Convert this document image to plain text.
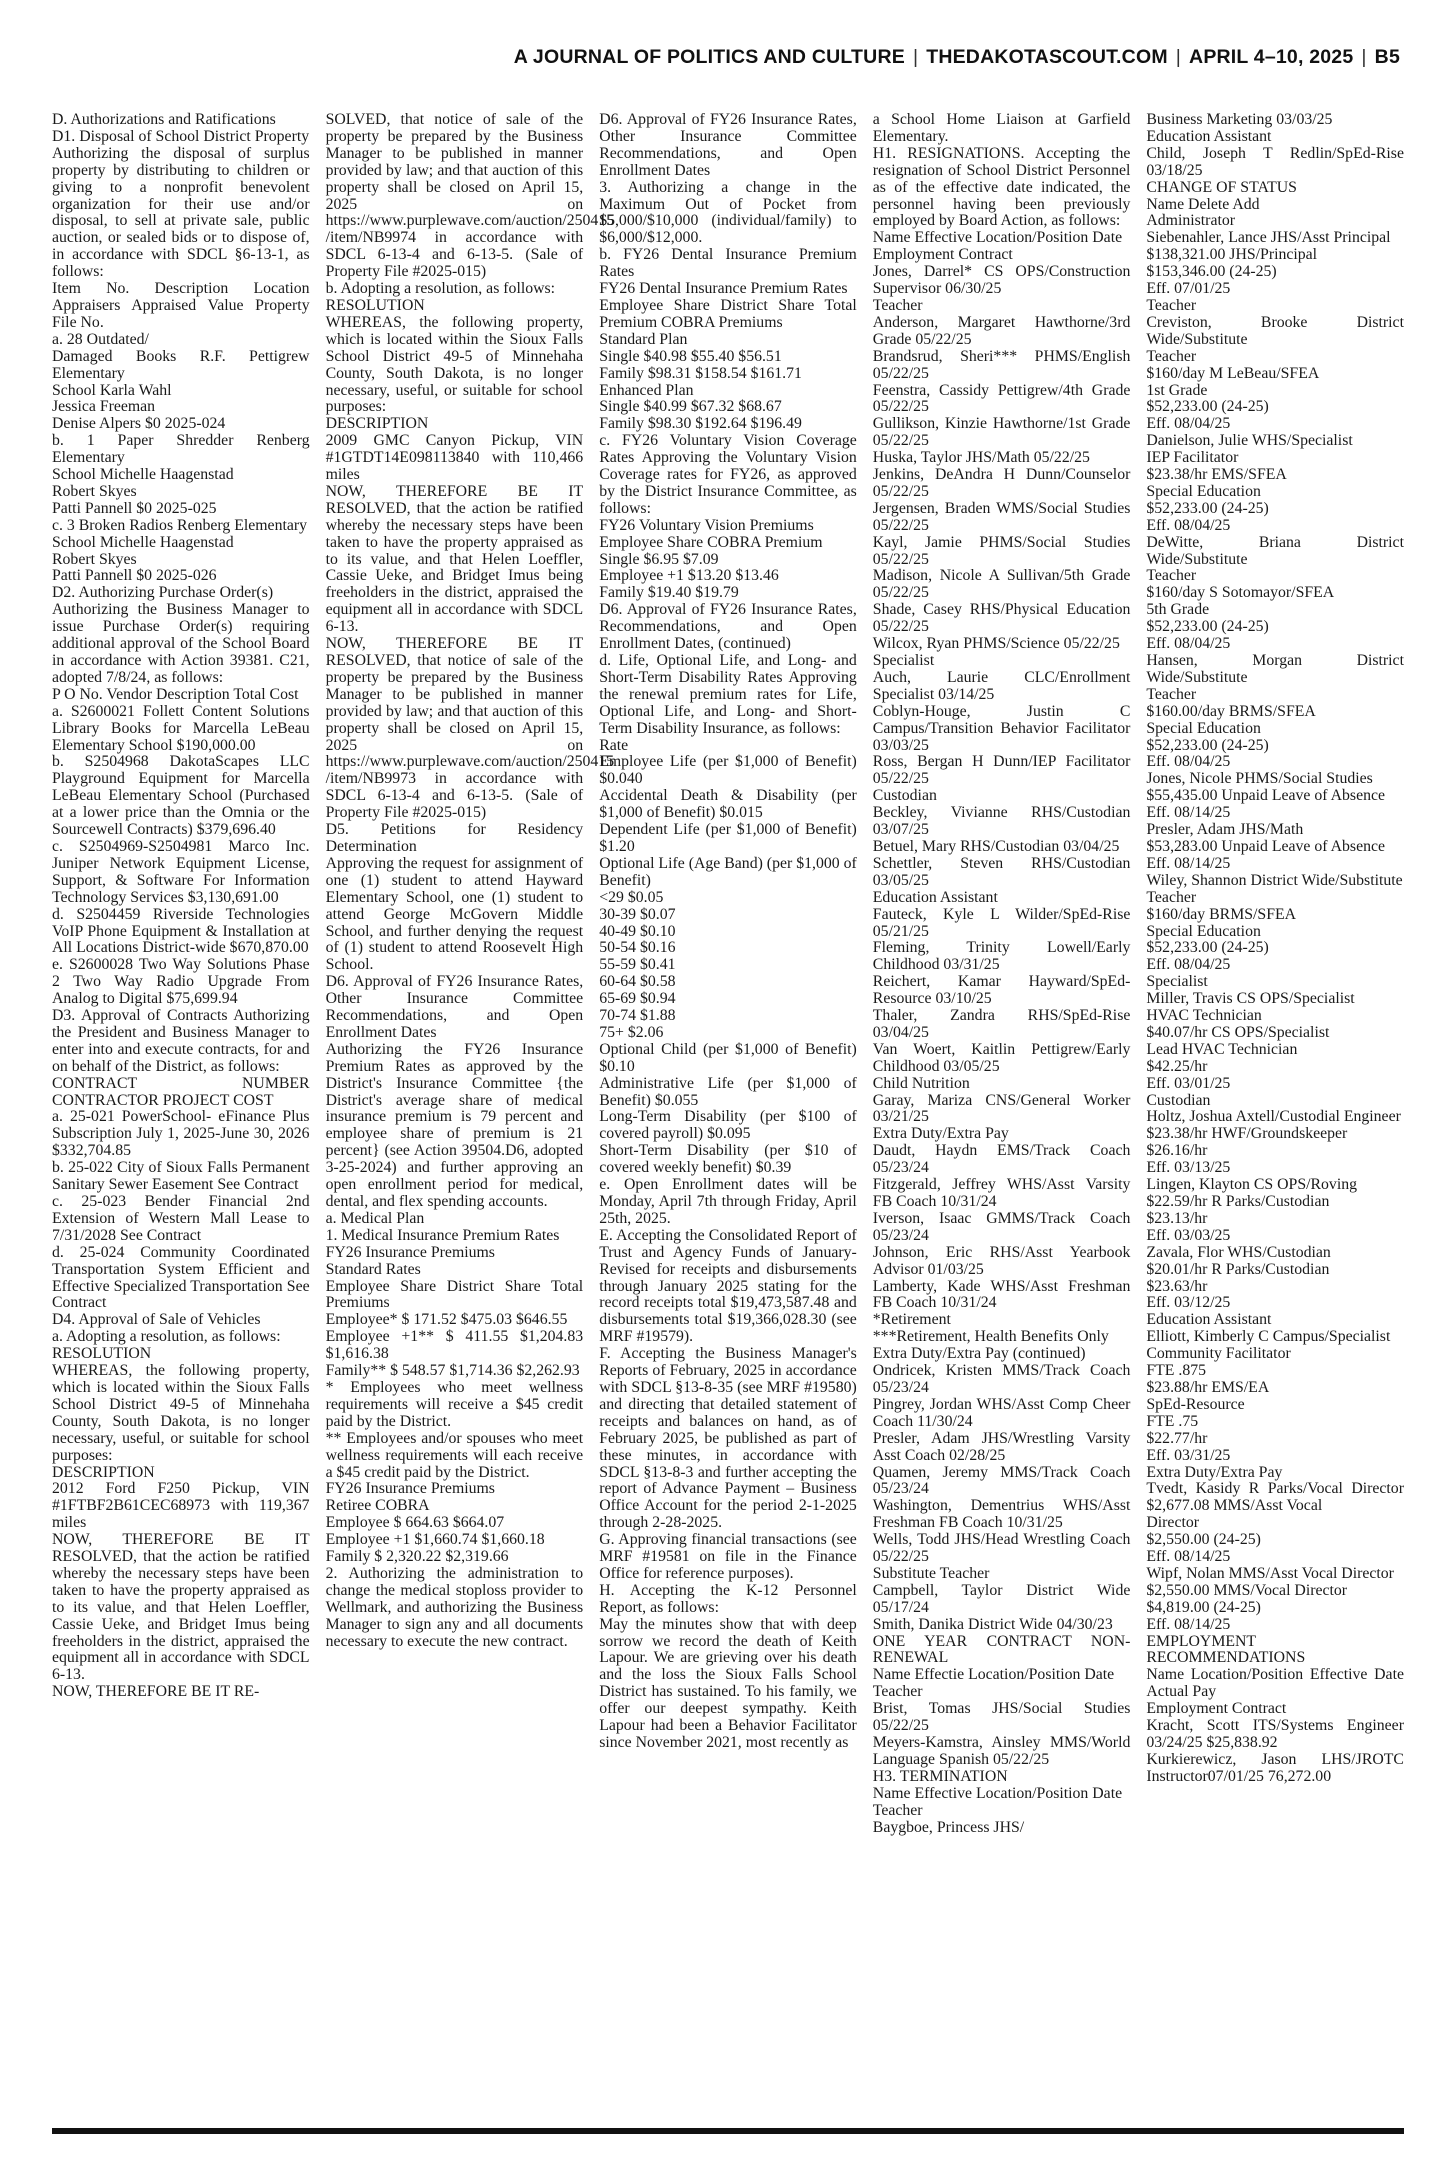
A JOURNAL OF POLITICS AND CULTURE | THEDAKOTASCOUT.COM | APRIL 4–10, 2025 | B5

D. Authorizations and Ratifications

D1. Disposal of School District Property

Authorizing the disposal of surplus property by distributing to children or giving to a nonprofit benevolent organization for their use and/or disposal, to sell at private sale, public auction, or sealed bids or to dispose of, in accordance with SDCL §6-13-1, as follows:

Item No. Description Location Appraisers Appraised Value Property File No.

a. 28 Outdated/

Damaged Books R.F. Pettigrew Elementary

School Karla Wahl

Jessica Freeman

Denise Alpers $0 2025-024

b. 1 Paper Shredder Renberg Elementary

School Michelle Haagenstad

Robert Skyes

Patti Pannell $0 2025-025

c. 3 Broken Radios Renberg Elementary

School Michelle Haagenstad

Robert Skyes

Patti Pannell $0 2025-026

D2. Authorizing Purchase Order(s)

Authorizing the Business Manager to issue Purchase Order(s) requiring additional approval of the School Board in accordance with Action 39381. C21, adopted 7/8/24, as follows:

P O No. Vendor Description Total Cost

a. S2600021 Follett Content Solutions Library Books for Marcella LeBeau Elementary School $190,000.00

b. S2504968 DakotaScapes LLC Playground Equipment for Marcella LeBeau Elementary School (Purchased at a lower price than the Omnia or the Sourcewell Contracts) $379,696.40

c. S2504969-S2504981 Marco Inc. Juniper Network Equipment License, Support, & Software For Information Technology Services $3,130,691.00

d. S2504459 Riverside Technologies VoIP Phone Equipment & Installation at All Locations District-wide $670,870.00

e. S2600028 Two Way Solutions Phase 2 Two Way Radio Upgrade From Analog to Digital $75,699.94

D3. Approval of Contracts Authorizing the President and Business Manager to enter into and execute contracts, for and on behalf of the District, as follows:

CONTRACT NUMBER CONTRACTOR PROJECT COST

a. 25-021 PowerSchool- eFinance Plus Subscription July 1, 2025-June 30, 2026 $332,704.85

b. 25-022 City of Sioux Falls Permanent Sanitary Sewer Easement See Contract

c. 25-023 Bender Financial 2nd Extension of Western Mall Lease to 7/31/2028 See Contract

d. 25-024 Community Coordinated Transportation System Efficient and Effective Specialized Transportation See Contract

D4. Approval of Sale of Vehicles

a. Adopting a resolution, as follows:

RESOLUTION

WHEREAS, the following property, which is located within the Sioux Falls School District 49-5 of Minnehaha County, South Dakota, is no longer necessary, useful, or suitable for school purposes:

DESCRIPTION

2012 Ford F250 Pickup, VIN #1FTBF2B61CEC68973 with 119,367 miles

NOW, THEREFORE BE IT RESOLVED, that the action be ratified whereby the necessary steps have been taken to have the property appraised as to its value, and that Helen Loeffler, Cassie Ueke, and Bridget Imus being freeholders in the district, appraised the equipment all in accordance with SDCL 6-13.

NOW, THEREFORE BE IT RE-

SOLVED, that notice of sale of the property be prepared by the Business Manager to be published in manner provided by law; and that auction of this property shall be closed on April 15, 2025 on https://www.purplewave.com/auction/250415 /item/NB9974 in accordance with SDCL 6-13-4 and 6-13-5. (Sale of Property File #2025-015)

b. Adopting a resolution, as follows:

RESOLUTION

WHEREAS, the following property, which is located within the Sioux Falls School District 49-5 of Minnehaha County, South Dakota, is no longer necessary, useful, or suitable for school purposes:

DESCRIPTION

2009 GMC Canyon Pickup, VIN #1GTDT14E098113840 with 110,466 miles

NOW, THEREFORE BE IT RESOLVED, that the action be ratified whereby the necessary steps have been taken to have the property appraised as to its value, and that Helen Loeffler, Cassie Ueke, and Bridget Imus being freeholders in the district, appraised the equipment all in accordance with SDCL 6-13.

NOW, THEREFORE BE IT RESOLVED, that notice of sale of the property be prepared by the Business Manager to be published in manner provided by law; and that auction of this property shall be closed on April 15, 2025 on https://www.purplewave.com/auction/250415 /item/NB9973 in accordance with SDCL 6-13-4 and 6-13-5. (Sale of Property File #2025-015)

D5. Petitions for Residency Determination

Approving the request for assignment of one (1) student to attend Hayward Elementary School, one (1) student to attend George McGovern Middle School, and further denying the request of (1) student to attend Roosevelt High School.

D6. Approval of FY26 Insurance Rates, Other Insurance Committee Recommendations, and Open Enrollment Dates

Authorizing the FY26 Insurance Premium Rates as approved by the District's Insurance Committee {the District's average share of medical insurance premium is 79 percent and employee share of premium is 21 percent} (see Action 39504.D6, adopted 3-25-2024) and further approving an open enrollment period for medical, dental, and flex spending accounts.

a. Medical Plan

1. Medical Insurance Premium Rates

FY26 Insurance Premiums

Standard Rates

Employee Share District Share Total Premiums

Employee* $ 171.52 $475.03 $646.55

Employee +1** $ 411.55 $1,204.83 $1,616.38

Family** $ 548.57 $1,714.36 $2,262.93

* Employees who meet wellness requirements will receive a $45 credit paid by the District.

** Employees and/or spouses who meet wellness requirements will each receive a $45 credit paid by the District.

FY26 Insurance Premiums

Retiree COBRA

Employee $ 664.63 $664.07

Employee +1 $1,660.74 $1,660.18

Family $ 2,320.22 $2,319.66

2. Authorizing the administration to change the medical stoploss provider to Wellmark, and authorizing the Business Manager to sign any and all documents necessary to execute the new contract.

D6. Approval of FY26 Insurance Rates, Other Insurance Committee Recommendations, and Open Enrollment Dates

3. Authorizing a change in the Maximum Out of Pocket from $5,000/$10,000 (individual/family) to $6,000/$12,000.

b. FY26 Dental Insurance Premium Rates

FY26 Dental Insurance Premium Rates

Employee Share District Share Total Premium COBRA Premiums

Standard Plan

Single $40.98 $55.40 $56.51

Family $98.31 $158.54 $161.71

Enhanced Plan

Single $40.99 $67.32 $68.67

Family $98.30 $192.64 $196.49

c. FY26 Voluntary Vision Coverage Rates Approving the Voluntary Vision Coverage rates for FY26, as approved by the District Insurance Committee, as follows:

FY26 Voluntary Vision Premiums

Employee Share COBRA Premium

Single $6.95 $7.09

Employee +1 $13.20 $13.46

Family $19.40 $19.79

D6. Approval of FY26 Insurance Rates, Recommendations, and Open Enrollment Dates, (continued)

d. Life, Optional Life, and Long- and Short-Term Disability Rates Approving the renewal premium rates for Life, Optional Life, and Long- and Short-Term Disability Insurance, as follows:

Rate

Employee Life (per $1,000 of Benefit) $0.040

Accidental Death & Disability (per $1,000 of Benefit) $0.015

Dependent Life (per $1,000 of Benefit) $1.20

Optional Life (Age Band) (per $1,000 of Benefit)

<29 $0.05

30-39 $0.07

40-49 $0.10

50-54 $0.16

55-59 $0.41

60-64 $0.58

65-69 $0.94

70-74 $1.88

75+ $2.06

Optional Child (per $1,000 of Benefit) $0.10

Administrative Life (per $1,000 of Benefit) $0.055

Long-Term Disability (per $100 of covered payroll) $0.095

Short-Term Disability (per $10 of covered weekly benefit) $0.39

e. Open Enrollment dates will be Monday, April 7th through Friday, April 25th, 2025.

E. Accepting the Consolidated Report of Trust and Agency Funds of January-Revised for receipts and disbursements through January 2025 stating for the record receipts total $19,473,587.48 and disbursements total $19,366,028.30 (see MRF #19579).

F. Accepting the Business Manager's Reports of February, 2025 in accordance with SDCL §13-8-35 (see MRF #19580) and directing that detailed statement of receipts and balances on hand, as of February 2025, be published as part of these minutes, in accordance with SDCL §13-8-3 and further accepting the report of Advance Payment – Business Office Account for the period 2-1-2025 through 2-28-2025.

G. Approving financial transactions (see MRF #19581 on file in the Finance Office for reference purposes).

H. Accepting the K-12 Personnel Report, as follows:

May the minutes show that with deep sorrow we record the death of Keith Lapour. We are grieving over his death and the loss the Sioux Falls School District has sustained. To his family, we offer our deepest sympathy. Keith Lapour had been a Behavior Facilitator since November 2021, most recently as

a School Home Liaison at Garfield Elementary.

H1. RESIGNATIONS. Accepting the resignation of School District Personnel as of the effective date indicated, the personnel having been previously employed by Board Action, as follows:

Name Effective Location/Position Date

Employment Contract

Jones, Darrel* CS OPS/Construction Supervisor 06/30/25

Teacher

Anderson, Margaret Hawthorne/3rd Grade 05/22/25

Brandsrud, Sheri*** PHMS/English 05/22/25

Feenstra, Cassidy Pettigrew/4th Grade 05/22/25

Gullikson, Kinzie Hawthorne/1st Grade 05/22/25

Huska, Taylor JHS/Math 05/22/25

Jenkins, DeAndra H Dunn/Counselor 05/22/25

Jergensen, Braden WMS/Social Studies 05/22/25

Kayl, Jamie PHMS/Social Studies 05/22/25

Madison, Nicole A Sullivan/5th Grade 05/22/25

Shade, Casey RHS/Physical Education 05/22/25

Wilcox, Ryan PHMS/Science 05/22/25

Specialist

Auch, Laurie CLC/Enrollment Specialist 03/14/25

Coblyn-Houge, Justin C Campus/Transition Behavior Facilitator 03/03/25

Ross, Bergan H Dunn/IEP Facilitator 05/22/25

Custodian

Beckley, Vivianne RHS/Custodian 03/07/25

Betuel, Mary RHS/Custodian 03/04/25

Schettler, Steven RHS/Custodian 03/05/25

Education Assistant

Fauteck, Kyle L Wilder/SpEd-Rise 05/21/25

Fleming, Trinity Lowell/Early Childhood 03/31/25

Reichert, Kamar Hayward/SpEd-Resource 03/10/25

Thaler, Zandra RHS/SpEd-Rise 03/04/25

Van Woert, Kaitlin Pettigrew/Early Childhood 03/05/25

Child Nutrition

Garay, Mariza CNS/General Worker 03/21/25

Extra Duty/Extra Pay

Daudt, Haydn EMS/Track Coach 05/23/24

Fitzgerald, Jeffrey WHS/Asst Varsity FB Coach 10/31/24

Iverson, Isaac GMMS/Track Coach 05/23/24

Johnson, Eric RHS/Asst Yearbook Advisor 01/03/25

Lamberty, Kade WHS/Asst Freshman FB Coach 10/31/24

*Retirement

***Retirement, Health Benefits Only

Extra Duty/Extra Pay (continued)

Ondricek, Kristen MMS/Track Coach 05/23/24

Pingrey, Jordan WHS/Asst Comp Cheer Coach 11/30/24

Presler, Adam JHS/Wrestling Varsity Asst Coach 02/28/25

Quamen, Jeremy MMS/Track Coach 05/23/24

Washington, Dementrius WHS/Asst Freshman FB Coach 10/31/25

Wells, Todd JHS/Head Wrestling Coach 05/22/25

Substitute Teacher

Campbell, Taylor District Wide 05/17/24

Smith, Danika District Wide 04/30/23

ONE YEAR CONTRACT NON-RENEWAL

Name Effectie Location/Position Date

Teacher

Brist, Tomas JHS/Social Studies 05/22/25

Meyers-Kamstra, Ainsley MMS/World Language Spanish 05/22/25

H3. TERMINATION

Name Effective Location/Position Date

Teacher

Baygboe, Princess JHS/

Business Marketing 03/03/25

Education Assistant

Child, Joseph T Redlin/SpEd-Rise 03/18/25

CHANGE OF STATUS

Name Delete Add

Administrator

Siebenahler, Lance JHS/Asst Principal

$138,321.00 JHS/Principal

$153,346.00 (24-25)

Eff. 07/01/25

Teacher

Creviston, Brooke District Wide/Substitute

Teacher

$160/day M LeBeau/SFEA

1st Grade

$52,233.00 (24-25)

Eff. 08/04/25

Danielson, Julie WHS/Specialist

IEP Facilitator

$23.38/hr EMS/SFEA

Special Education

$52,233.00 (24-25)

Eff. 08/04/25

DeWitte, Briana District Wide/Substitute

Teacher

$160/day S Sotomayor/SFEA

5th Grade

$52,233.00 (24-25)

Eff. 08/04/25

Hansen, Morgan District Wide/Substitute

Teacher

$160.00/day BRMS/SFEA

Special Education

$52,233.00 (24-25)

Eff. 08/04/25

Jones, Nicole PHMS/Social Studies

$55,435.00 Unpaid Leave of Absence

Eff. 08/14/25

Presler, Adam JHS/Math

$53,283.00 Unpaid Leave of Absence

Eff. 08/14/25

Wiley, Shannon District Wide/Substitute

Teacher

$160/day BRMS/SFEA

Special Education

$52,233.00 (24-25)

Eff. 08/04/25

Specialist

Miller, Travis CS OPS/Specialist

HVAC Technician

$40.07/hr CS OPS/Specialist

Lead HVAC Technician

$42.25/hr

Eff. 03/01/25

Custodian

Holtz, Joshua Axtell/Custodial Engineer

$23.38/hr HWF/Groundskeeper

$26.16/hr

Eff. 03/13/25

Lingen, Klayton CS OPS/Roving

$22.59/hr R Parks/Custodian

$23.13/hr

Eff. 03/03/25

Zavala, Flor WHS/Custodian

$20.01/hr R Parks/Custodian

$23.63/hr

Eff. 03/12/25

Education Assistant

Elliott, Kimberly C Campus/Specialist

Community Facilitator

FTE .875

$23.88/hr EMS/EA

SpEd-Resource

FTE .75

$22.77/hr

Eff. 03/31/25

Extra Duty/Extra Pay

Tvedt, Kasidy R Parks/Vocal Director $2,677.08 MMS/Asst Vocal

Director

$2,550.00 (24-25)

Eff. 08/14/25

Wipf, Nolan MMS/Asst Vocal Director

$2,550.00 MMS/Vocal Director

$4,819.00 (24-25)

Eff. 08/14/25

EMPLOYMENT RECOMMENDATIONS

Name Location/Position Effective Date Actual Pay

Employment Contract

Kracht, Scott ITS/Systems Engineer 03/24/25 $25,838.92

Kurkierewicz, Jason LHS/JROTC Instructor07/01/25 76,272.00
